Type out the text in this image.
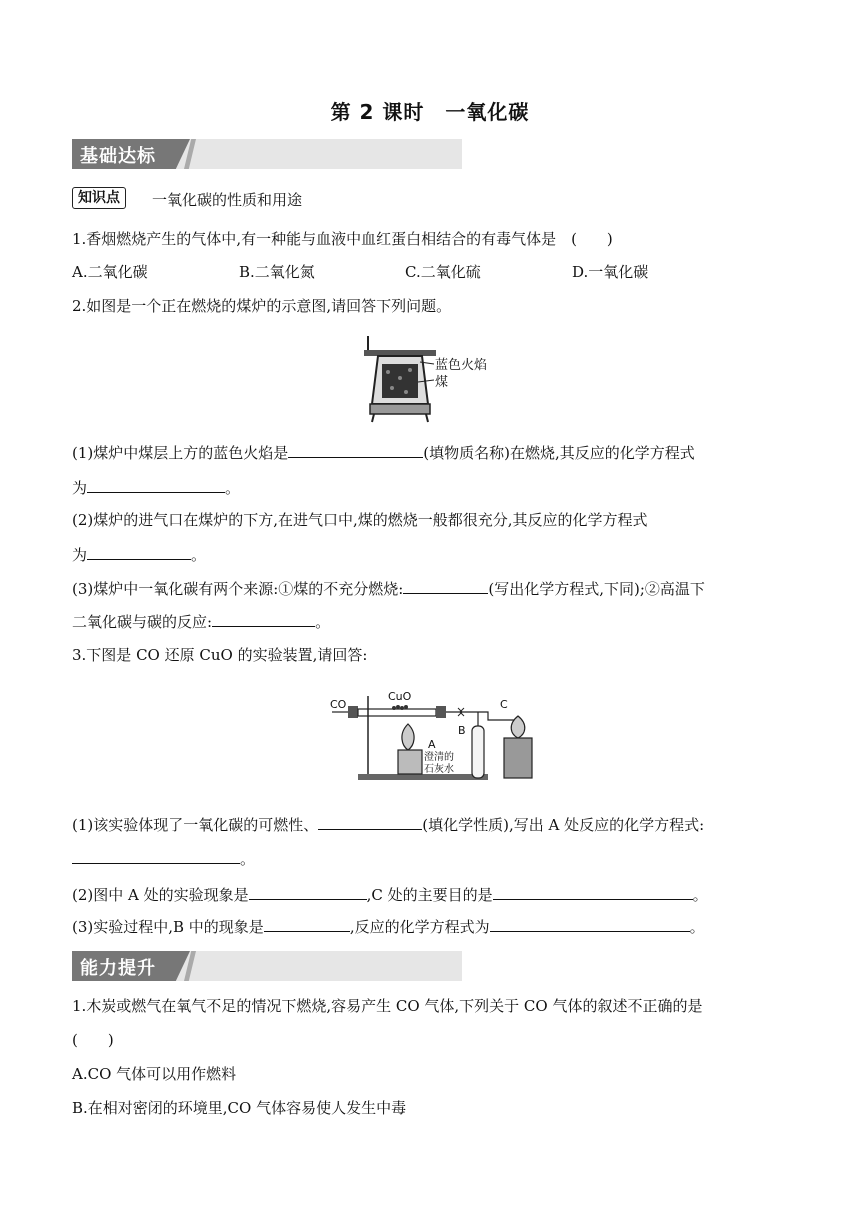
第 2 课时　一氧化碳
基础达标
知识点	一氧化碳的性质和用途
1.香烟燃烧产生的气体中,有一种能与血液中血红蛋白相结合的有毒气体是　(　　)
A.二氧化碳	B.二氧化氮	C.二氧化硫	D.一氧化碳
2.如图是一个正在燃烧的煤炉的示意图,请回答下列问题。
蓝色火焰
煤
(1)煤炉中煤层上方的蓝色火焰是	(填物质名称)在燃烧,其反应的化学方程式
为	。
(2)煤炉的进气口在煤炉的下方,在进气口中,煤的燃烧一般都很充分,其反应的化学方程式
为	。
(3)煤炉中一氧化碳有两个来源:①煤的不充分燃烧:	(写出化学方程式,下同);②高温下
二氧化碳与碳的反应:	。
3.下图是 CO 还原 CuO 的实验装置,请回答:
CO
CuO
B
C
A
澄清的
石灰水
(1)该实验体现了一氧化碳的可燃性、	(填化学性质),写出 A 处反应的化学方程式:
。
(2)图中 A 处的实验现象是	,C 处的主要目的是	。
(3)实验过程中,B 中的现象是	,反应的化学方程式为	。
能力提升
1.木炭或燃气在氧气不足的情况下燃烧,容易产生 CO 气体,下列关于 CO 气体的叙述不正确的是
(　　)
A.CO 气体可以用作燃料
B.在相对密闭的环境里,CO 气体容易使人发生中毒
